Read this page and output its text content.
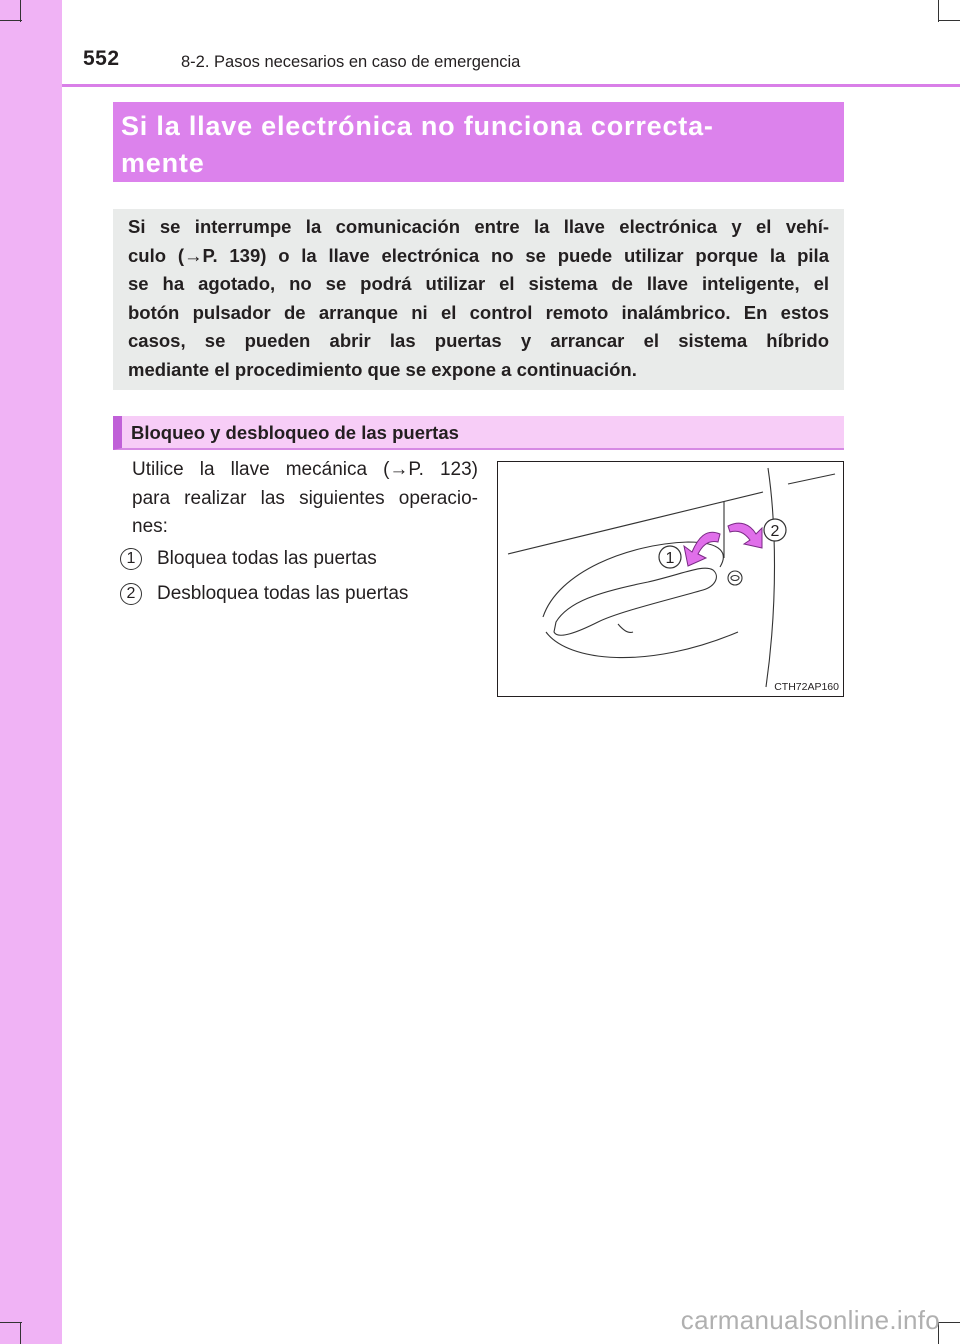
552	8-2. Pasos necesarios en caso de emergencia
Si la llave electrónica no funciona correcta-
mente

Si se interrumpe la comunicación entre la llave electrónica y el vehí-
culo (→P. 139) o la llave electrónica no se puede utilizar porque la pila
se ha agotado, no se podrá utilizar el sistema de llave inteligente, el
botón pulsador de arranque ni el control remoto inalámbrico. En estos
casos, se pueden abrir las puertas y arrancar el sistema híbrido
mediante el procedimiento que se expone a continuación.

Bloqueo y desbloqueo de las puertas
Utilice la llave mecánica (→P. 123)
para realizar las siguientes operacio-
nes:
1	Bloquea todas las puertas
2	Desbloquea todas las puertas
1
2
CTH72AP160
carmanualsonline.info
